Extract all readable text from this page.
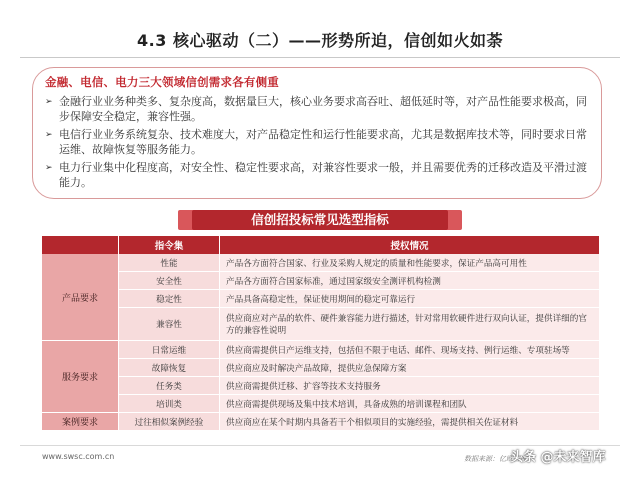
4.3 核心驱动（二）——形势所迫，信创如火如荼
金融、电信、电力三大领域信创需求各有侧重
➢ 金融行业业务种类多、复杂度高，数据量巨大，核心业务要求高吞吐、超低延时等，对产品性能要求极高，同步保障安全稳定，兼容性强。
➢ 电信行业业务系统复杂、技术难度大，对产品稳定性和运行性能要求高，尤其是数据库技术等，同时要求日常运维、故障恢复等服务能力。
➢ 电力行业集中化程度高，对安全性、稳定性要求高，对兼容性要求一般，并且需要优秀的迁移改造及平滑过渡能力。
信创招投标常见选型指标
	指令集	授权情况
产品要求	性能	产品各方面符合国家、行业及采购人规定的质量和性能要求，保证产品高可用性
	安全性	产品各方面符合国家标准，通过国家级安全测评机构检测
	稳定性	产品具备高稳定性，保证使用期间的稳定可靠运行
	兼容性	供应商应对产品的软件、硬件兼容能力进行描述，针对常用软硬件进行双向认证，提供详细的官方的兼容性说明
服务要求	日常运维	供应商需提供日产运维支持，包括但不限于电话、邮件、现场支持、例行运维、专项驻场等
	故障恢复	供应商应及时解决产品故障，提供应急保障方案
	任务类	供应商需提供迁移、扩容等技术支持服务
	培训类	供应商需提供现场及集中技术培训，具备成熟的培训课程和团队
案例要求	过往相似案例经验	供应商应在某个时期内具备若干个相似项目的实施经验，需提供相关佐证材料
www.swsc.com.cn	数据来源：亿欧智库
头条 @未来智库
